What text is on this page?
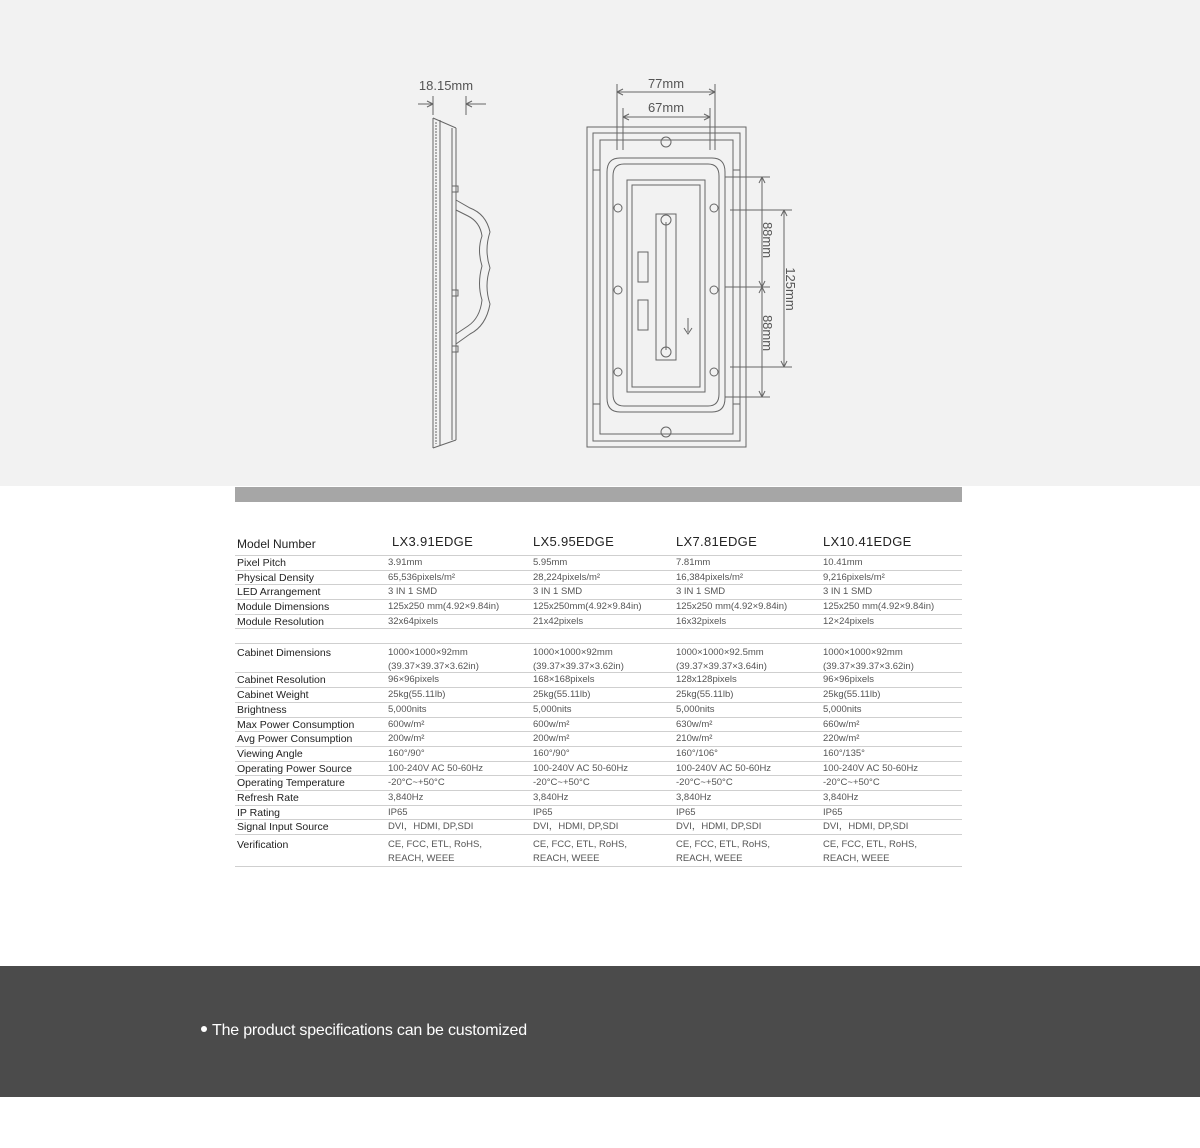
18.15mm	77mm
67mm
88mm
88mm
125mm
Model Number	LX3.91EDGE	LX5.95EDGE	LX7.81EDGE	LX10.41EDGE
Pixel Pitch	3.91mm	5.95mm	7.81mm	10.41mm
Physical Density	65,536pixels/m²	28,224pixels/m²	16,384pixels/m²	9,216pixels/m²
LED Arrangement	3 IN 1 SMD	3 IN 1 SMD	3 IN 1 SMD	3 IN 1 SMD
Module Dimensions	125x250 mm(4.92×9.84in)	125x250mm(4.92×9.84in)	125x250 mm(4.92×9.84in)	125x250 mm(4.92×9.84in)
Module Resolution	32x64pixels	21x42pixels	16x32pixels	12×24pixels
Cabinet Dimensions	1000×1000×92mm	1000×1000×92mm	1000×1000×92.5mm	1000×1000×92mm
(39.37×39.37×3.62in)	(39.37×39.37×3.62in)	(39.37×39.37×3.64in)	(39.37×39.37×3.62in)
Cabinet Resolution	96×96pixels	168×168pixels	128x128pixels	96×96pixels
Cabinet Weight	25kg(55.11lb)	25kg(55.11lb)	25kg(55.11lb)	25kg(55.11lb)
Brightness	5,000nits	5,000nits	5,000nits	5,000nits
Max Power Consumption	600w/m²	600w/m²	630w/m²	660w/m²
Avg Power Consumption	200w/m²	200w/m²	210w/m²	220w/m²
Viewing Angle	160°/90°	160°/90°	160°/106°	160°/135°
Operating Power Source	100-240V AC 50-60Hz	100-240V AC 50-60Hz	100-240V AC 50-60Hz	100-240V AC 50-60Hz
Operating Temperature	-20°C~+50°C	-20°C~+50°C	-20°C~+50°C	-20°C~+50°C
Refresh Rate	3,840Hz	3,840Hz	3,840Hz	3,840Hz
IP Rating	IP65	IP65	IP65	IP65
Signal Input Source	DVI，HDMI, DP,SDI	DVI，HDMI, DP,SDI	DVI，HDMI, DP,SDI	DVI，HDMI, DP,SDI
Verification	CE, FCC, ETL, RoHS,	CE, FCC, ETL, RoHS,	CE, FCC, ETL, RoHS,	CE, FCC, ETL, RoHS,
REACH, WEEE	REACH, WEEE	REACH, WEEE	REACH, WEEE
The product specifications can be customized
